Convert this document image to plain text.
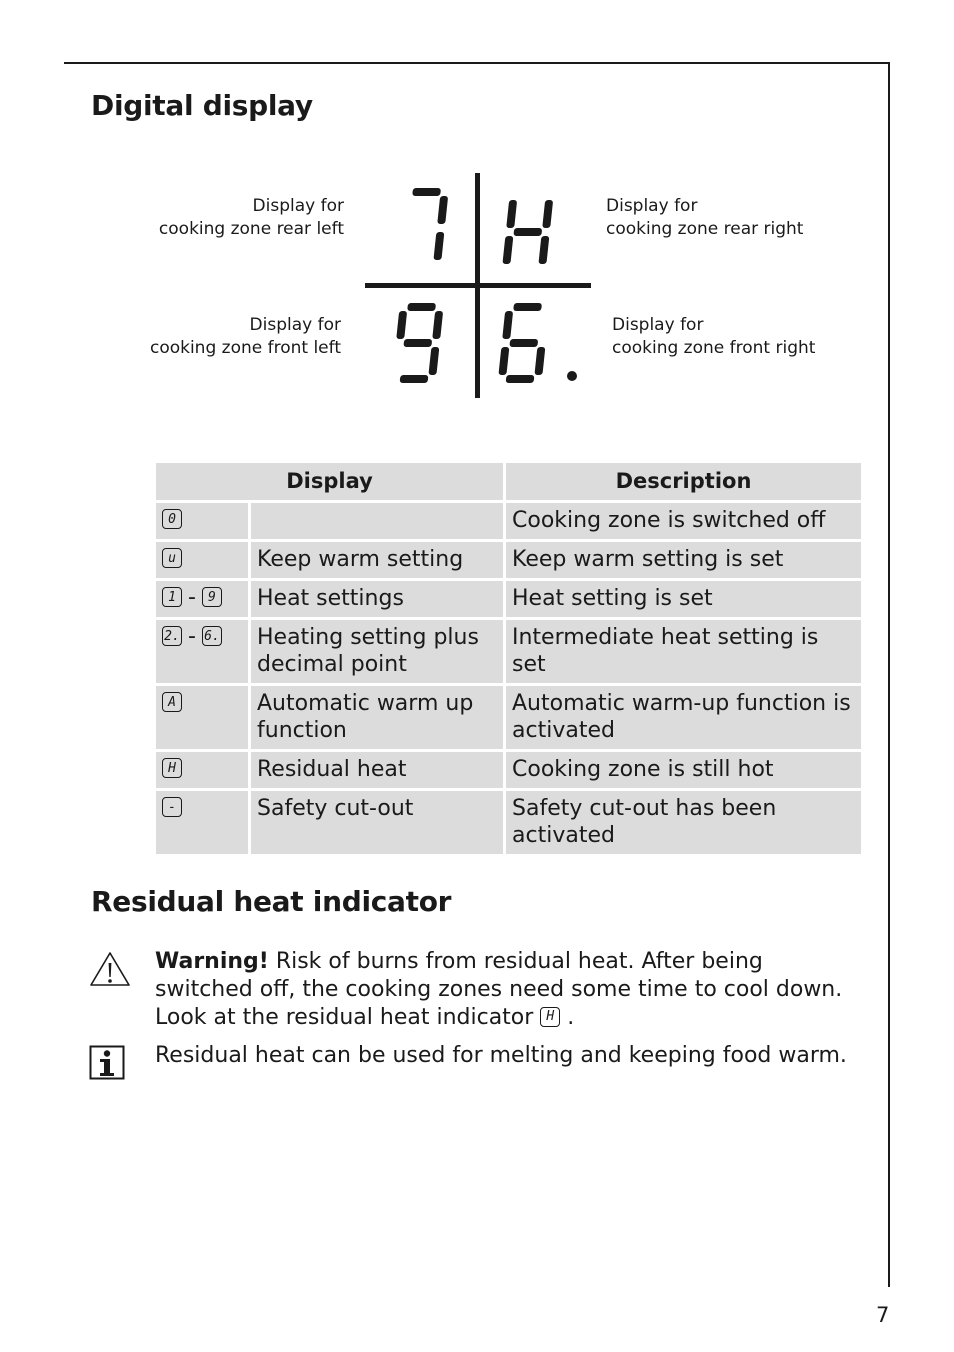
Digital display
Display for
cooking zone rear left
Display for
cooking zone front left
Display for
cooking zone rear right
Display for
cooking zone front right
Display		Description
0		Cooking zone is switched off
u	Keep warm setting	Keep warm setting is set
1 - 9	Heat settings	Heat setting is set
2. - 6.	Heating setting plus decimal point	Intermediate heat setting is set
A	Automatic warm up function	Automatic warm-up function is activated
H	Residual heat	Cooking zone is still hot
-	Safety cut-out	Safety cut-out has been activated
Residual heat indicator
Warning! Risk of burns from residual heat. After being switched off, the cooking zones need some time to cool down. Look at the residual heat indicator H .
Residual heat can be used for melting and keeping food warm.
7
